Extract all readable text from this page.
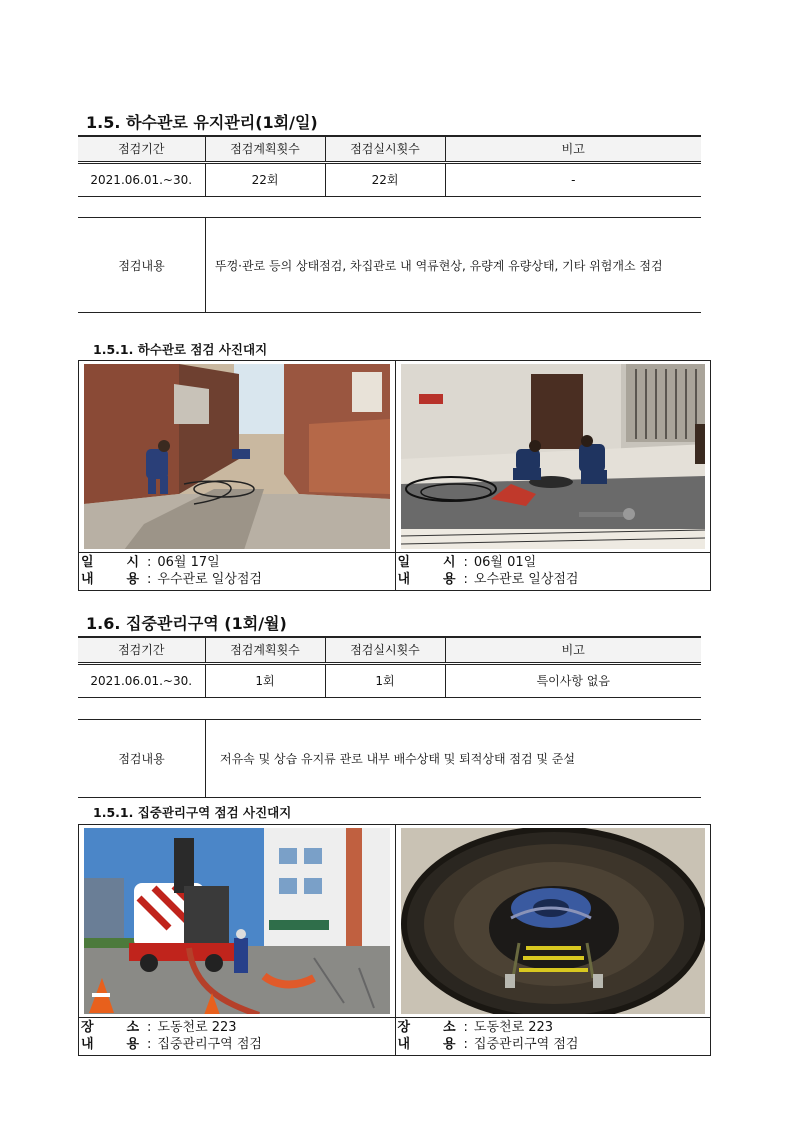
1.5. 하수관로 유지관리(1회/일)
점검기간	점검계획횟수	점검실시횟수	비고
2021.06.01.~30.	22회	22회	-
점검내용	뚜껑·관로 등의 상태점검, 차집관로 내 역류현상, 유량계 유량상태, 기타 위험개소 점검
1.5.1. 하수관로 점검 사진대지
일	시 : 06월 17일
내	용 : 우수관로 일상점검
일	시 : 06월 01일
내	용 : 오수관로 일상점검
1.6. 집중관리구역 (1회/월)
점검기간	점검계획횟수	점검실시횟수	비고
2021.06.01.~30.	1회	1회	특이사항 없음
점검내용	저유속 및 상습 유지류 관로 내부 배수상태 및 퇴적상태 점검 및 준설
1.5.1. 집중관리구역 점검 사진대지
장	소 : 도동천로 223
내	용 : 집중관리구역 점검
장	소 : 도동천로 223
내	용 : 집중관리구역 점검
